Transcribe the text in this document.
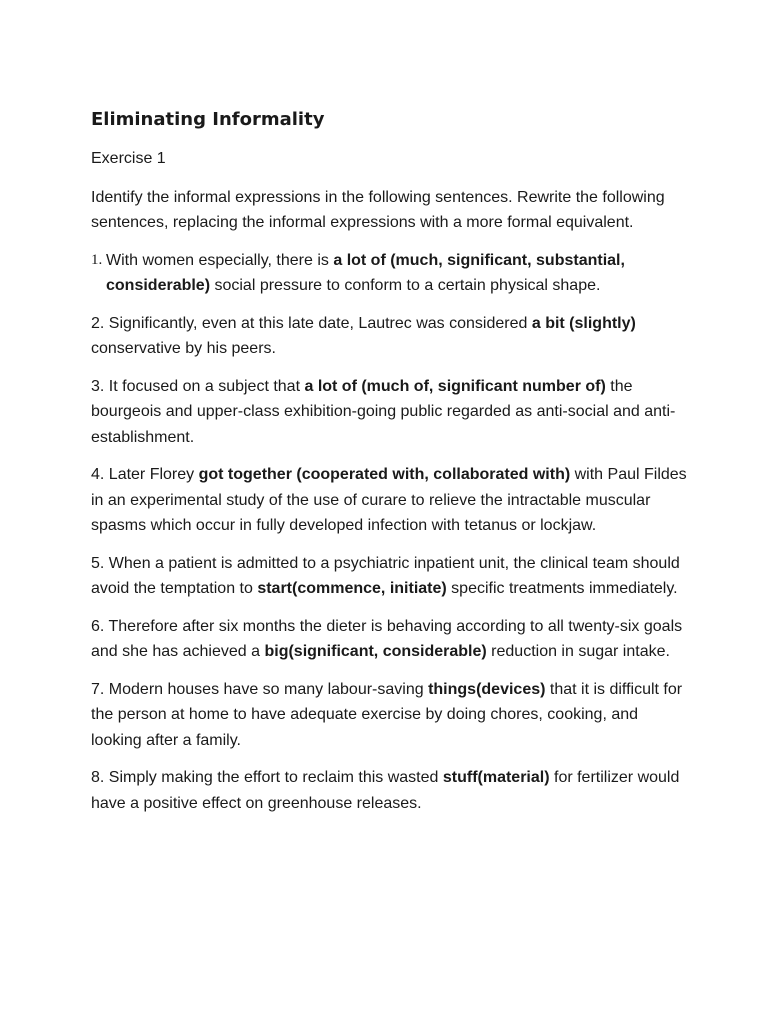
Eliminating Informality
Exercise 1
Identify the informal expressions in the following sentences. Rewrite the following sentences, replacing the informal expressions with a more formal equivalent.
1. With women especially, there is a lot of (much, significant, substantial, considerable) social pressure to conform to a certain physical shape.
2. Significantly, even at this late date, Lautrec was considered a bit (slightly) conservative by his peers.
3. It focused on a subject that a lot of (much of, significant number of) the bourgeois and upper-class exhibition-going public regarded as anti-social and anti-establishment.
4. Later Florey got together (cooperated with, collaborated with) with Paul Fildes in an experimental study of the use of curare to relieve the intractable muscular spasms which occur in fully developed infection with tetanus or lockjaw.
5. When a patient is admitted to a psychiatric inpatient unit, the clinical team should avoid the temptation to start(commence, initiate) specific treatments immediately.
6. Therefore after six months the dieter is behaving according to all twenty-six goals and she has achieved a big(significant, considerable) reduction in sugar intake.
7. Modern houses have so many labour-saving things(devices) that it is difficult for the person at home to have adequate exercise by doing chores, cooking, and looking after a family.
8. Simply making the effort to reclaim this wasted stuff(material) for fertilizer would have a positive effect on greenhouse releases.
